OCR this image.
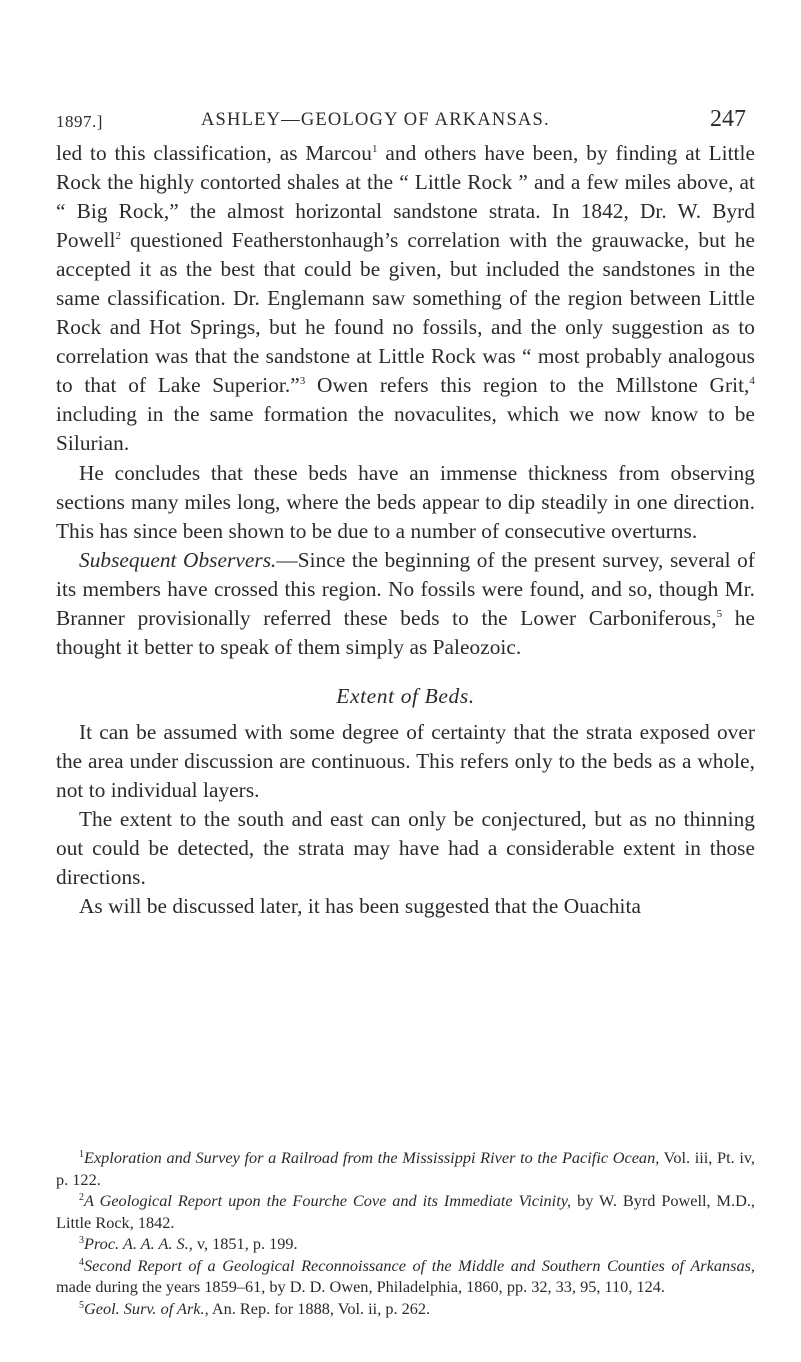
1897.]	ASHLEY—GEOLOGY OF ARKANSAS.	247

led to this classification, as Marcou$^1$ and others have been, by finding at Little Rock the highly contorted shales at the “ Little Rock ” and a few miles above, at “ Big Rock,” the almost horizontal sandstone strata. In 1842, Dr. W. Byrd Powell$^2$ questioned Featherstonhaugh’s correlation with the grauwacke, but he accepted it as the best that could be given, but included the sandstones in the same classification. Dr. Englemann saw something of the region between Little Rock and Hot Springs, but he found no fossils, and the only suggestion as to correlation was that the sandstone at Little Rock was “ most probably analogous to that of Lake Superior.”$^3$ Owen refers this region to the Millstone Grit,$^4$ including in the same formation the novaculites, which we now know to be Silurian.

He concludes that these beds have an immense thickness from observing sections many miles long, where the beds appear to dip steadily in one direction. This has since been shown to be due to a number of consecutive overturns.

Subsequent Observers.—Since the beginning of the present survey, several of its members have crossed this region. No fossils were found, and so, though Mr. Branner provisionally referred these beds to the Lower Carboniferous,$^5$ he thought it better to speak of them simply as Paleozoic.

Extent of Beds.

It can be assumed with some degree of certainty that the strata exposed over the area under discussion are continuous. This refers only to the beds as a whole, not to individual layers.

The extent to the south and east can only be conjectured, but as no thinning out could be detected, the strata may have had a considerable extent in those directions.

As will be discussed later, it has been suggested that the Ouachita

$^1$Exploration and Survey for a Railroad from the Mississippi River to the Pacific Ocean, Vol. iii, Pt. iv, p. 122.

$^2$A Geological Report upon the Fourche Cove and its Immediate Vicinity, by W. Byrd Powell, M.D., Little Rock, 1842.

$^3$Proc. A. A. A. S., v, 1851, p. 199.

$^4$Second Report of a Geological Reconnoissance of the Middle and Southern Counties of Arkansas, made during the years 1859–61, by D. D. Owen, Philadelphia, 1860, pp. 32, 33, 95, 110, 124.

$^5$Geol. Surv. of Ark., An. Rep. for 1888, Vol. ii, p. 262.
